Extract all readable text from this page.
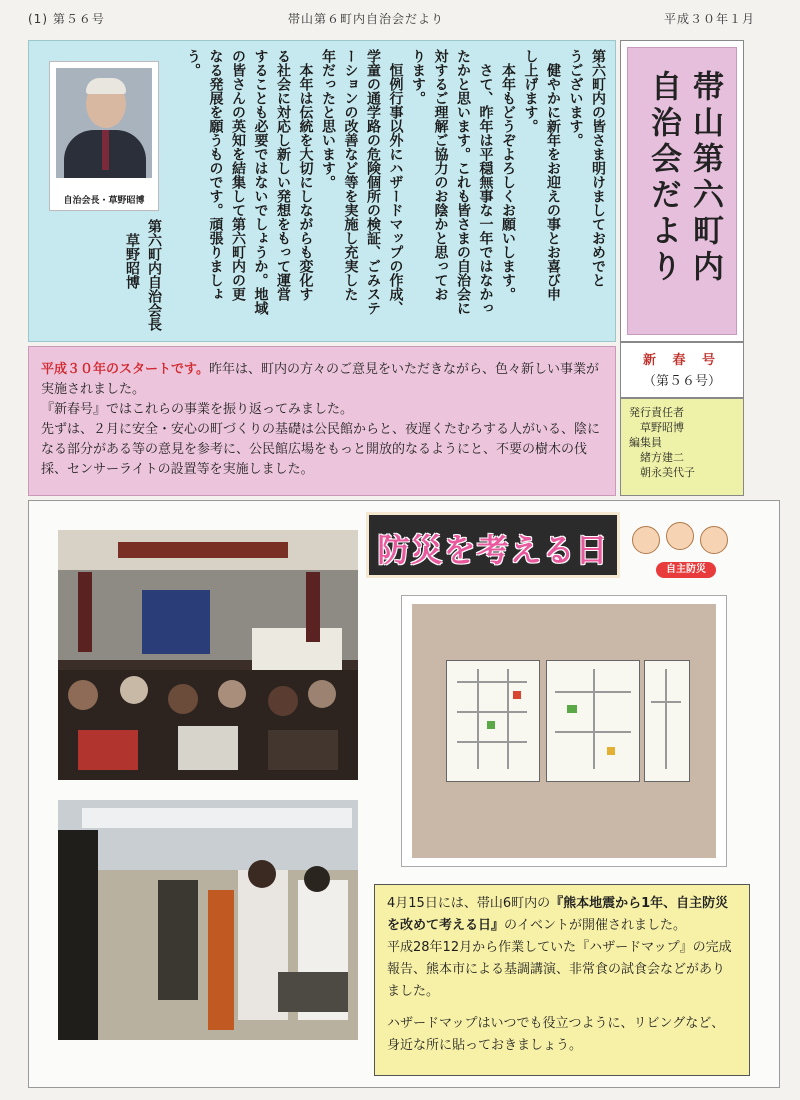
(1) 第５６号	帯山第６町内自治会だより	平成３０年１月
第六町内の皆さま明けましておめでと
うございます。
　健やかに新年をお迎えの事とお喜び申
し上げます。
　本年もどうぞよろしくお願いします。
　さて、昨年は平穏無事な一年ではなかっ
たかと思います。これも皆さまの自治会に
対するご理解ご協力のお陰かと思ってお
ります。
　恒例行事以外にハザードマップの作成、
学童の通学路の危険個所の検証、ごみステ
ーションの改善など等を実施し充実した
年だったと思います。
　本年は伝統を大切にしながらも変化す
る社会に対応し新しい発想をもって運営
することも必要ではないでしょうか。地域
の皆さんの英知を結集して第六町内の更
なる発展を願うものです。頑張りましょ
う。
自治会長・草野昭博
第六町内自治会長
　草野昭博	帯山第六町内
自治会だより
新 春 号
（第５６号）
発行責任者
　草野昭博
編集員
　緒方建二
　朝永美代子
平成３０年のスタートです。昨年は、町内の方々のご意見をいただきながら、色々新しい事業が実施されました。
『新春号』ではこれらの事業を振り返ってみました。
先ずは、２月に安全・安心の町づくりの基礎は公民館からと、夜遅くたむろする人がいる、陰になる部分がある等の意見を参考に、公民館広場をもっと開放的なるようにと、不要の樹木の伐採、センサーライトの設置等を実施しました。
防災を考える日
自主防災
4月15日には、帯山6町内の『熊本地震から1年、自主防災を改めて考える日』のイベントが開催されました。
平成28年12月から作業していた『ハザードマップ』の完成報告、熊本市による基調講演、非常食の試食会などがありました。
ハザードマップはいつでも役立つように、リビングなど、身近な所に貼っておきましょう。
